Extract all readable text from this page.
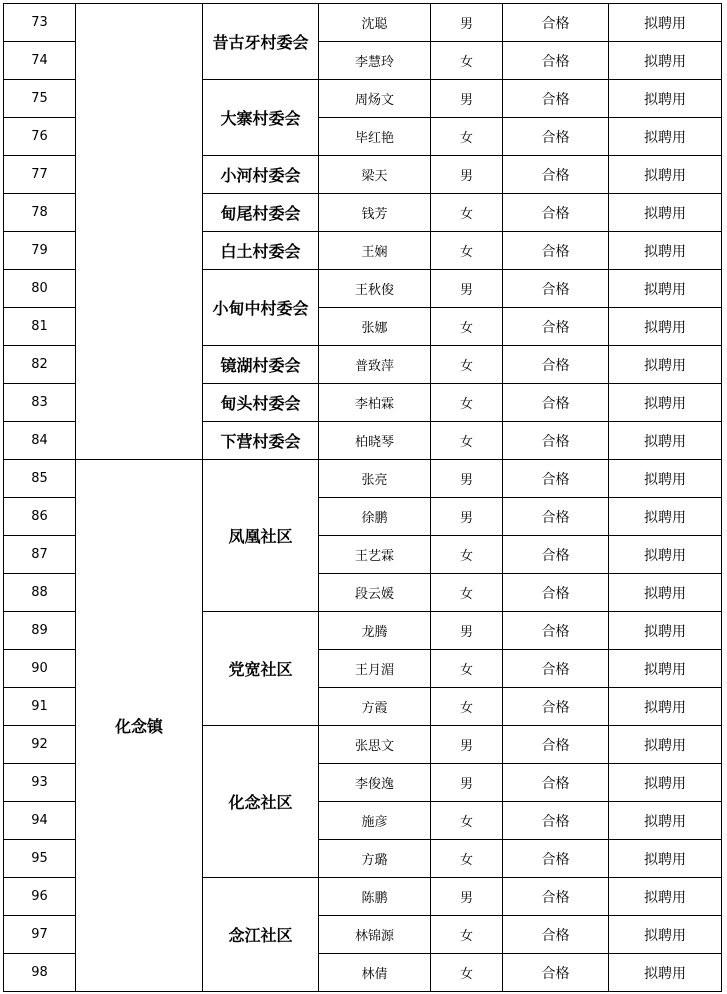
73		昔古牙村委会	沈聪	男	合格	拟聘用
74			李慧玲	女	合格	拟聘用
75		大寨村委会	周炀文	男	合格	拟聘用
76			毕红艳	女	合格	拟聘用
77		小河村委会	梁天	男	合格	拟聘用
78		甸尾村委会	钱芳	女	合格	拟聘用
79		白土村委会	王娴	女	合格	拟聘用
80		小甸中村委会	王秋俊	男	合格	拟聘用
81			张娜	女	合格	拟聘用
82		镜湖村委会	普致萍	女	合格	拟聘用
83		甸头村委会	李柏霖	女	合格	拟聘用
84		下营村委会	柏晓琴	女	合格	拟聘用
85	化念镇	凤凰社区	张亮	男	合格	拟聘用
86			徐鹏	男	合格	拟聘用
87			王艺霖	女	合格	拟聘用
88			段云媛	女	合格	拟聘用
89		党宽社区	龙腾	男	合格	拟聘用
90			王月湄	女	合格	拟聘用
91			方霞	女	合格	拟聘用
92		化念社区	张思文	男	合格	拟聘用
93			李俊逸	男	合格	拟聘用
94			施彦	女	合格	拟聘用
95			方璐	女	合格	拟聘用
96		念江社区	陈鹏	男	合格	拟聘用
97			林锦源	女	合格	拟聘用
98			林倩	女	合格	拟聘用
